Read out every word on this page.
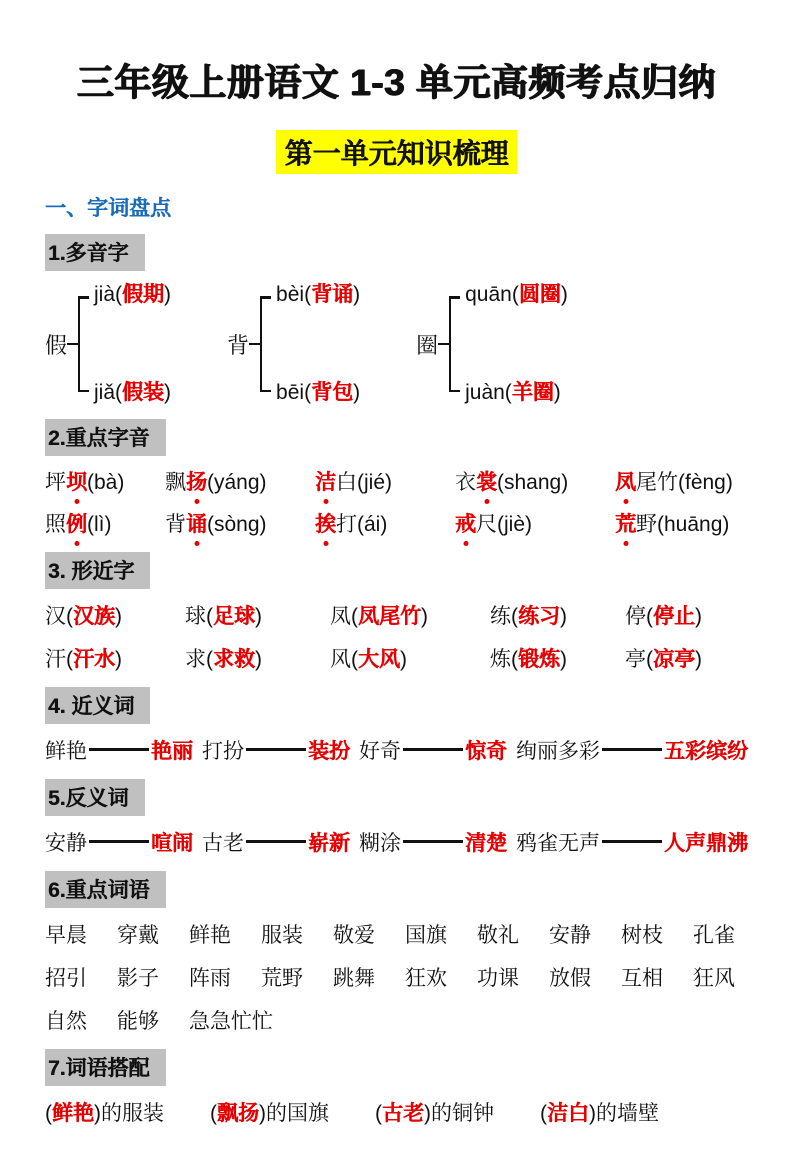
三年级上册语文 1-3 单元高频考点归纳
第一单元知识梳理
一、字词盘点
1.多音字
假
jià(假期)
jiǎ(假装)
背
bèi(背诵)
bēi(背包)
圈
quān(圆圈)
juàn(羊圈)
2.重点字音
坪坝(bà)	飘扬(yáng)	洁白(jié)	衣裳(shang)	凤尾竹(fèng)
照例(lì)	背诵(sòng)	挨打(ái)	戒尺(jiè)	荒野(huāng)
3. 形近字
汉(汉族)	球(足球)	凤(凤尾竹)	练(练习)	停(停止)
汗(汗水)	求(求救)	风(大风)	炼(锻炼)	亭(凉亭)
4. 近义词
鲜艳	艳丽 打扮	装扮 好奇	惊奇 绚丽多彩	五彩缤纷
5.反义词
安静	喧闹 古老	崭新 糊涂	清楚 鸦雀无声	人声鼎沸
6.重点词语
早晨 穿戴 鲜艳 服装 敬爱 国旗 敬礼 安静 树枝 孔雀
招引 影子 阵雨 荒野 跳舞 狂欢 功课 放假 互相 狂风
自然 能够 急急忙忙
7.词语搭配
(鲜艳)的服装 (飘扬)的国旗 (古老)的铜钟 (洁白)的墙壁
